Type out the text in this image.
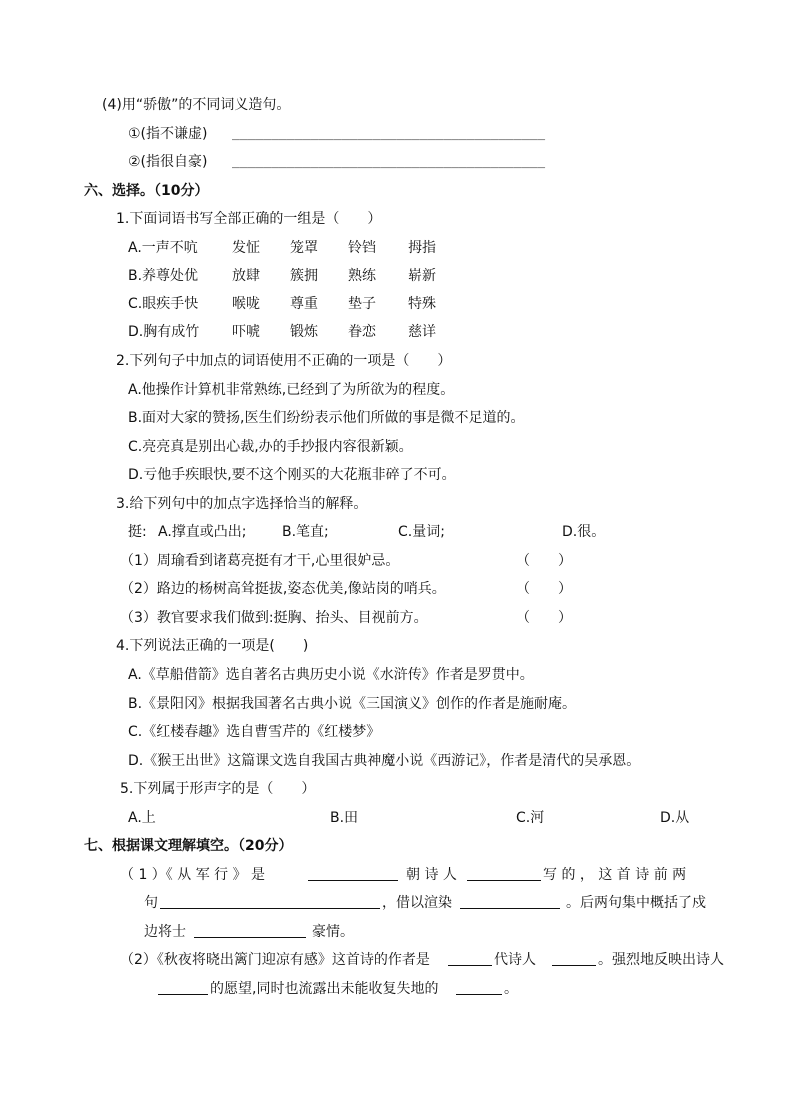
(4)用“骄傲”的不同词义造句。
①(指不谦虚) ________________________________________
②(指很自豪) ________________________________________
六、选择。（10分）
1.下面词语书写全部正确的一组是（　　）
A.一声不吭 发怔 笼罩 铃铛 拇指
B.养尊处优 放肆 簇拥 熟练 崭新
C.眼疾手快 喉咙 尊重 垫子 特殊
D.胸有成竹 吓唬 锻炼 眷恋 慈详
2.下列句子中加点的词语使用不正确的一项是（　　）
A.他操作计算机非常熟练,已经到了为所欲为的程度。
B.面对大家的赞扬,医生们纷纷表示他们所做的事是微不足道的。
C.亮亮真是别出心裁,办的手抄报内容很新颖。
D.亏他手疾眼快,要不这个刚买的大花瓶非碎了不可。
3.给下列句中的加点字选择恰当的解释。
挺: A.撑直或凸出;	B.笔直;	C.量词;	D.很。
（1）周瑜看到诸葛亮挺有才干,心里很妒忌。	（　　）
（2）路边的杨树高耸挺拔,姿态优美,像站岗的哨兵。	（　　）
（3）教官要求我们做到:挺胸、抬头、目视前方。	（　　）
4.下列说法正确的一项是(　　)
A.《草船借箭》选自著名古典历史小说《水浒传》作者是罗贯中。
B.《景阳冈》根据我国著名古典小说《三国演义》创作的作者是施耐庵。
C.《红楼春趣》选自曹雪芹的《红楼梦》
D.《猴王出世》这篇课文选自我国古典神魔小说《西游记》，作者是清代的吴承恩。
5.下列属于形声字的是（　　）
A.上	B.田	C.河	D.从
七、根据课文理解填空。（20分）
（ 1 ）《 从 军 行 》 是	朝 诗 人	写 的 ， 这 首 诗 前 两
句	，借以渲染	。后两句集中概括了戍
边将士	豪情。
（2）《秋夜将晓出篱门迎凉有感》这首诗的作者是	代诗人	。强烈地反映出诗人
的愿望,同时也流露出未能收复失地的	。
